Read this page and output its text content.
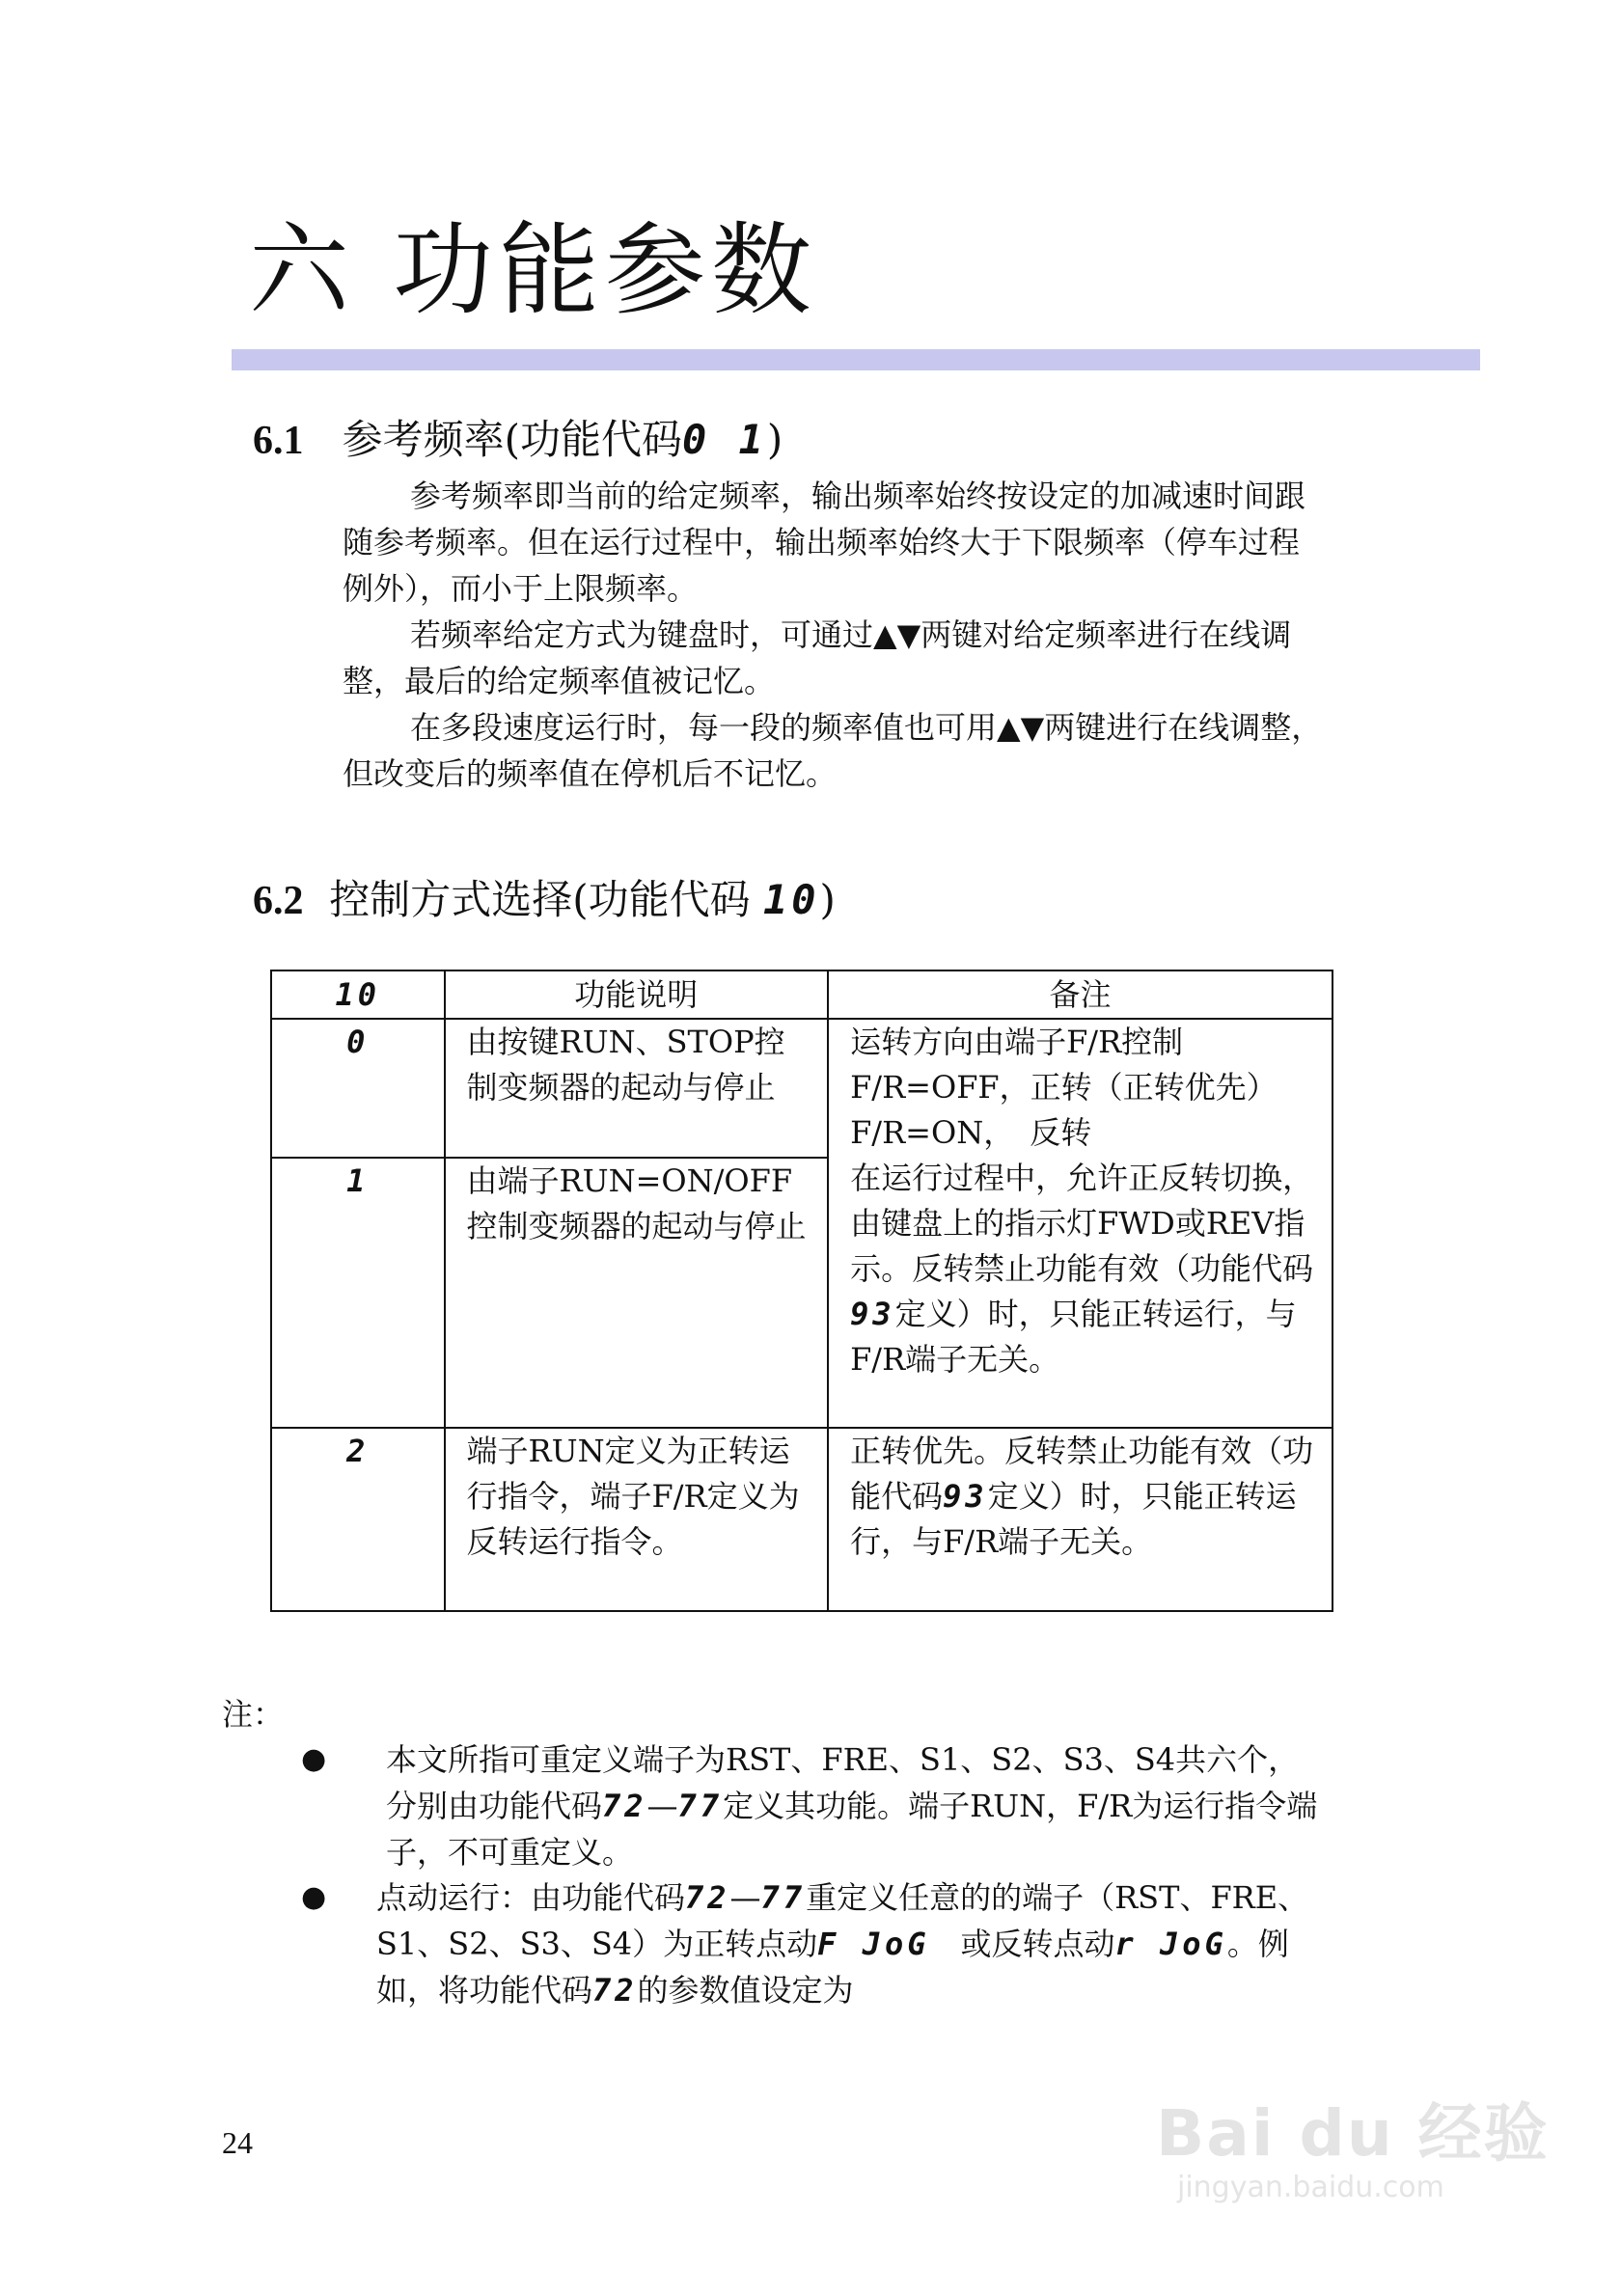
六 功能参数
6.1 参考频率(功能代码0 1)

参考频率即当前的给定频率，输出频率始终按设定的加减速时间跟随参考频率。但在运行过程中，输出频率始终大于下限频率（停车过程例外），而小于上限频率。

若频率给定方式为键盘时，可通过▲▼两键对给定频率进行在线调整，最后的给定频率值被记忆。

在多段速度运行时，每一段的频率值也可用▲▼两键进行在线调整，但改变后的频率值在停机后不记忆。

6.2 控制方式选择(功能代码 10)
10	功能说明	备注
0	由按键RUN、STOP控制变频器的起动与停止	运转方向由端子F/R控制
F/R=OFF，正转（正转优先）
F/R=ON，　反转
在运行过程中，允许正反转切换，由键盘上的指示灯FWD或REV指示。反转禁止功能有效（功能代码93定义）时，只能正转运行，与F/R端子无关。

1	由端子RUN=ON/OFF控制变频器的起动与停止	
2	端子RUN定义为正转运行指令，端子F/R定义为反转运行指令。	正转优先。反转禁止功能有效（功能代码93定义）时，只能正转运行，与F/R端子无关。
注：
● 本文所指可重定义端子为RST、FRE、S1、S2、S3、S4共六个，分别由功能代码72—77定义其功能。端子RUN，F/R为运行指令端子，不可重定义。
● 点动运行：由功能代码72—77重定义任意的的端子（RST、FRE、S1、S2、S3、S4）为正转点动F JoG　或反转点动r JoG。例如，将功能代码72的参数值设定为
24	Bai du 经验
jingyan.baidu.com
